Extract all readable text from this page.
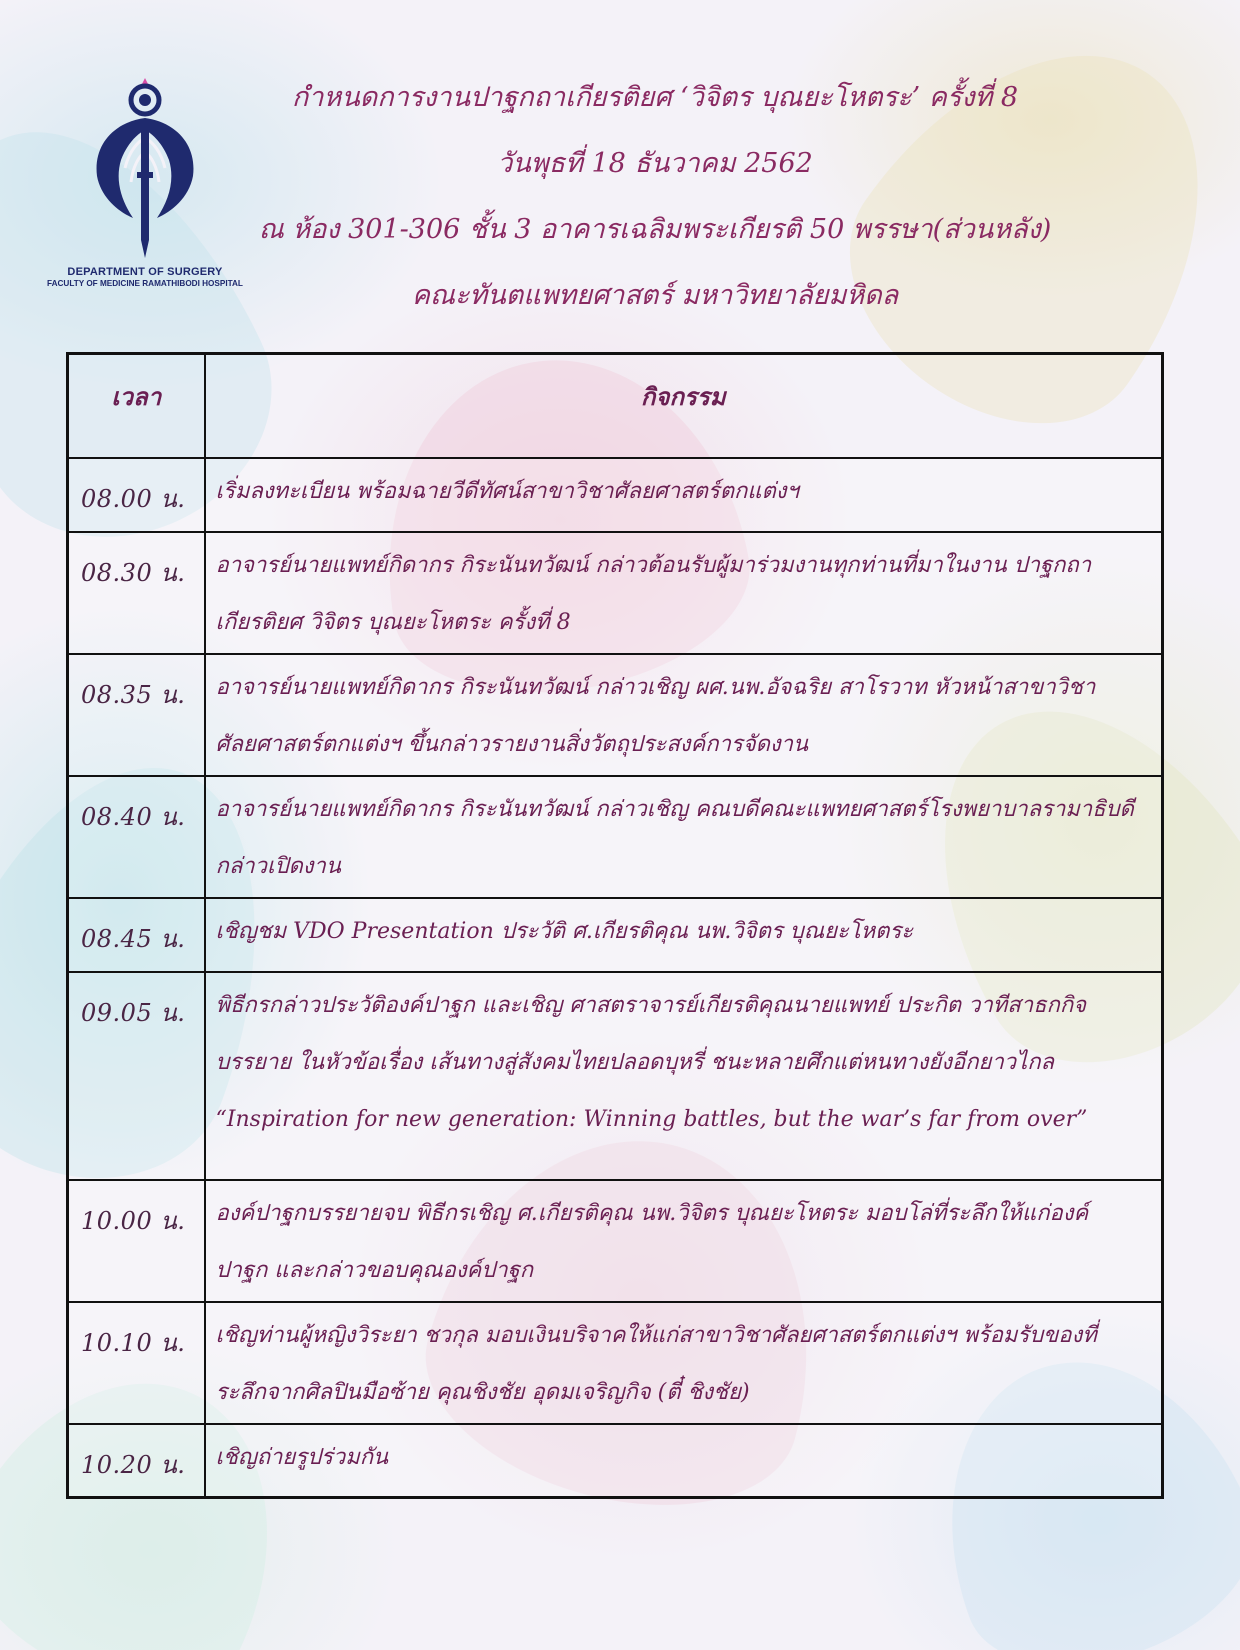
DEPARTMENT OF SURGERY
FACULTY OF MEDICINE RAMATHIBODI HOSPITAL
กำหนดการงานปาฐกถาเกียรติยศ ‘วิจิตร บุณยะโหตระ’ ครั้งที่ 8
วันพุธที่ 18 ธันวาคม 2562
ณ ห้อง 301-306 ชั้น 3 อาคารเฉลิมพระเกียรติ 50 พรรษา(ส่วนหลัง)
คณะทันตแพทยศาสตร์ มหาวิทยาลัยมหิดล
เวลา	กิจกรรม
08.00 น.	เริ่มลงทะเบียน พร้อมฉายวีดีทัศน์สาขาวิชาศัลยศาสตร์ตกแต่งฯ

08.30 น.	อาจารย์นายแพทย์กิดากร กิระนันทวัฒน์ กล่าวต้อนรับผู้มาร่วมงานทุกท่านที่มาในงาน ปาฐกถา
เกียรติยศ วิจิตร บุณยะโหตระ ครั้งที่ 8

08.35 น.	อาจารย์นายแพทย์กิดากร กิระนันทวัฒน์ กล่าวเชิญ ผศ.นพ.อัจฉริย สาโรวาท หัวหน้าสาขาวิชา
ศัลยศาสตร์ตกแต่งฯ ขึ้นกล่าวรายงานสิ่งวัตถุประสงค์การจัดงาน

08.40 น.	อาจารย์นายแพทย์กิดากร กิระนันทวัฒน์ กล่าวเชิญ คณบดีคณะแพทยศาสตร์โรงพยาบาลรามาธิบดี
กล่าวเปิดงาน

08.45 น.	เชิญชม VDO Presentation ประวัติ ศ.เกียรติคุณ นพ.วิจิตร บุณยะโหตระ

09.05 น.	พิธีกรกล่าวประวัติองค์ปาฐก และเชิญ ศาสตราจารย์เกียรติคุณนายแพทย์ ประกิต วาทีสาธกกิจ
บรรยาย ในหัวข้อเรื่อง เส้นทางสู่สังคมไทยปลอดบุหรี่ ชนะหลายศึกแต่หนทางยังอีกยาวไกล
“Inspiration for new generation: Winning battles, but the war’s far from over”

10.00 น.	องค์ปาฐกบรรยายจบ พิธีกรเชิญ ศ.เกียรติคุณ นพ.วิจิตร บุณยะโหตระ มอบโล่ที่ระลึกให้แก่องค์
ปาฐก และกล่าวขอบคุณองค์ปาฐก

10.10 น.	เชิญท่านผู้หญิงวิระยา ชวกุล มอบเงินบริจาคให้แก่สาขาวิชาศัลยศาสตร์ตกแต่งฯ พร้อมรับของที่
ระลึกจากศิลปินมือซ้าย คุณชิงชัย อุดมเจริญกิจ (ตี๋ ชิงชัย)

10.20 น.	เชิญถ่ายรูปร่วมกัน
